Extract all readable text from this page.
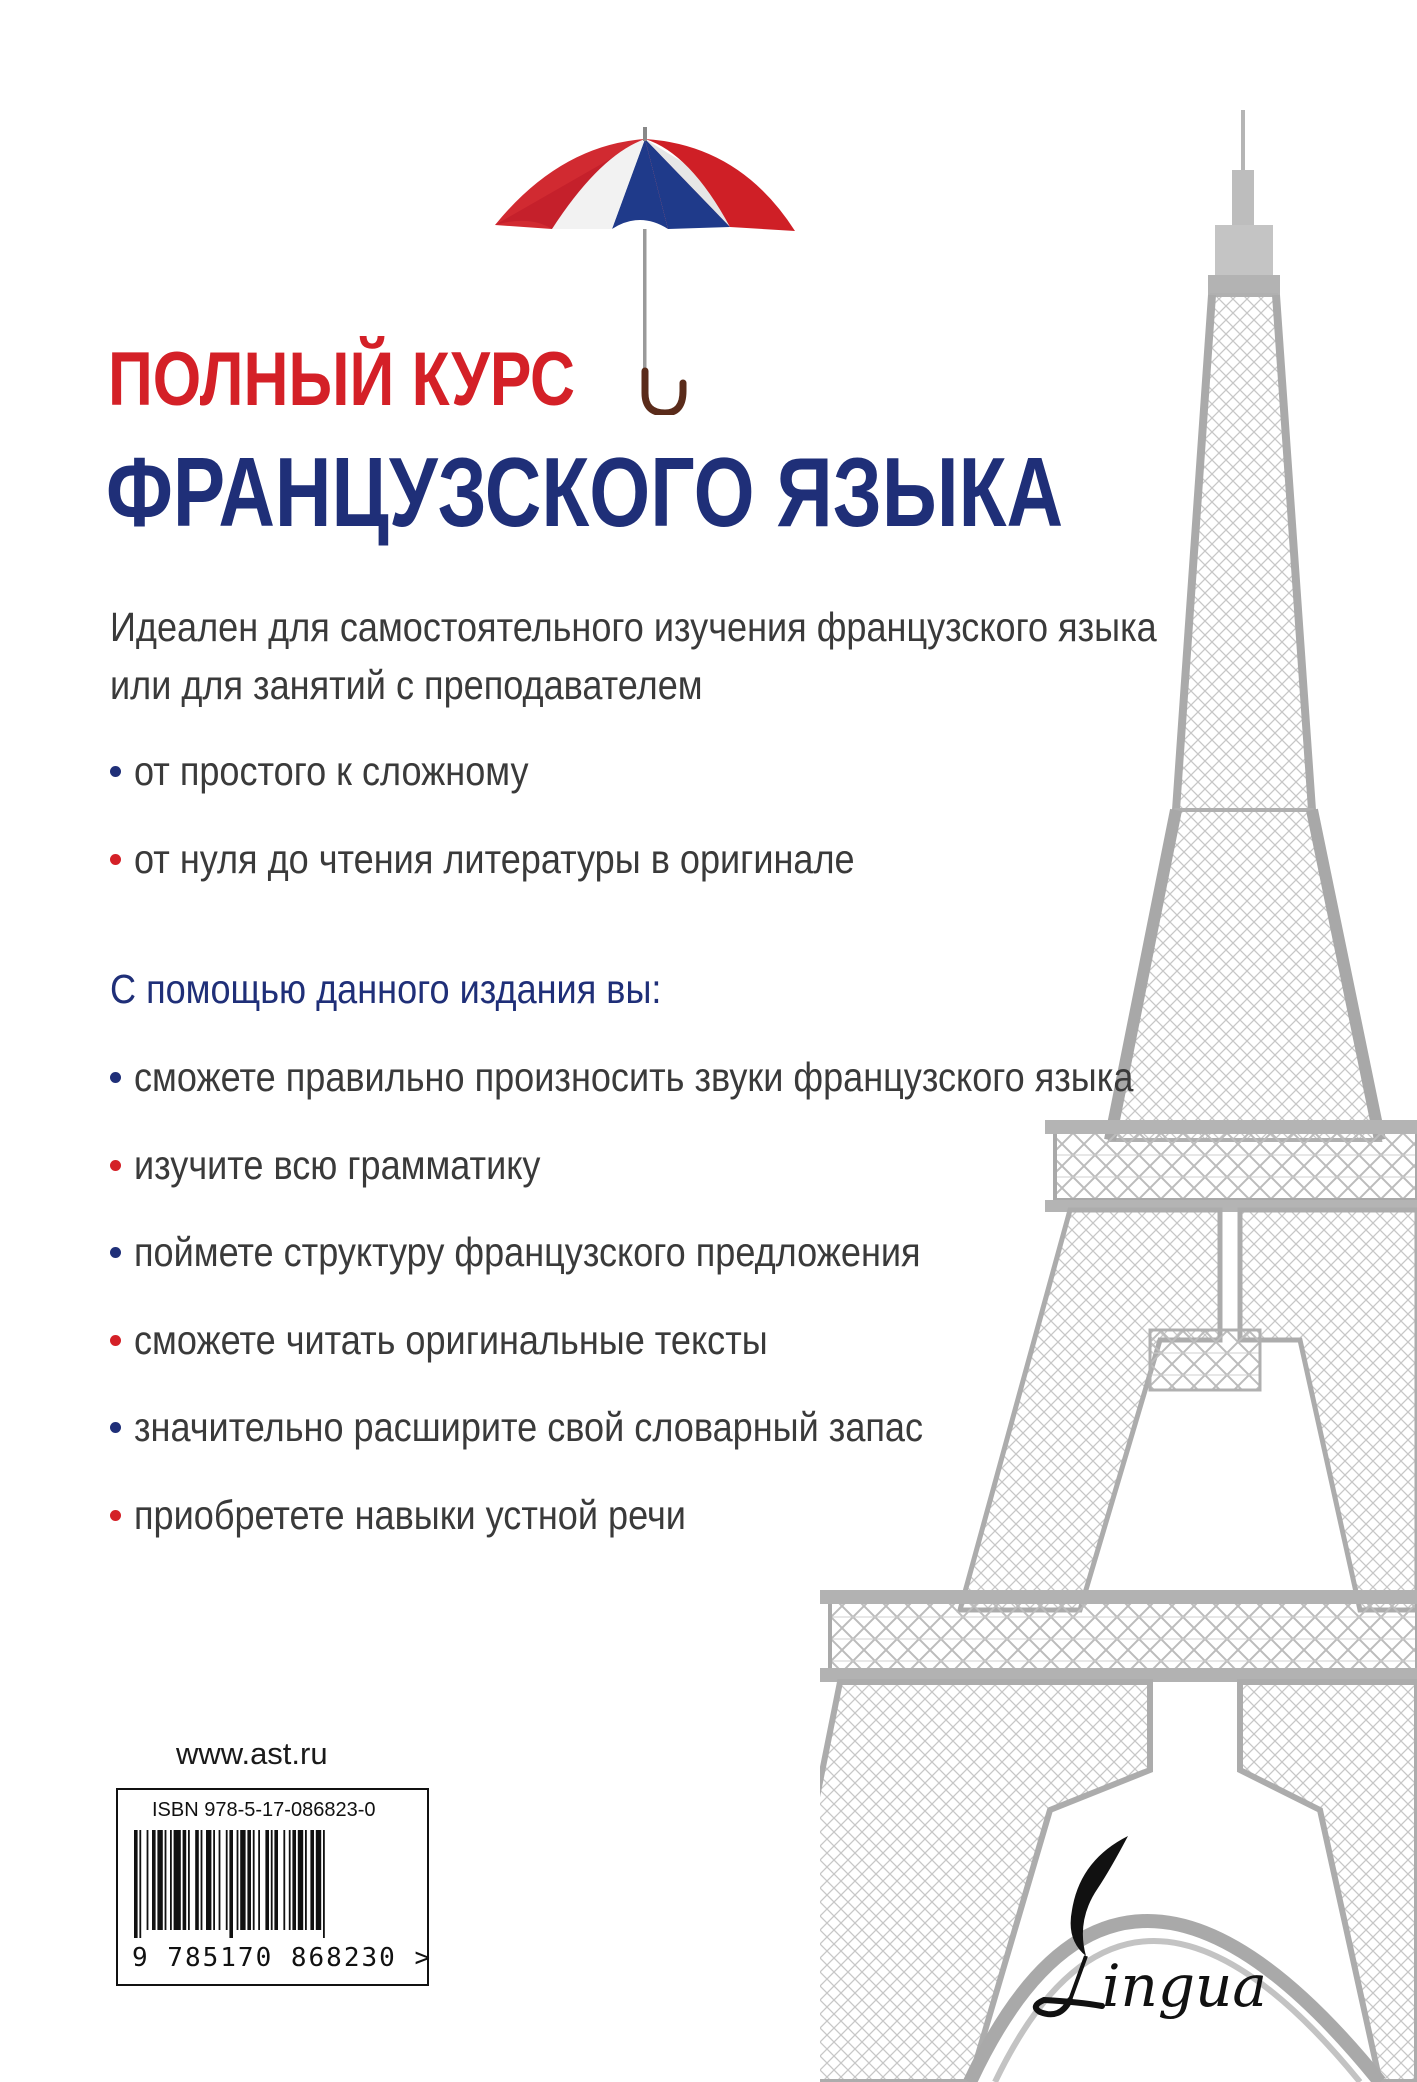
ПОЛНЫЙ КУРС
ФРАНЦУЗСКОГО ЯЗЫКА
Идеален для самостоятельного изучения французского языка
или для занятий с преподавателем
от простого к сложному
от нуля до чтения литературы в оригинале
С помощью данного издания вы:
сможете правильно произносить звуки французского языка
изучите всю грамматику
поймете структуру французского предложения
сможете читать оригинальные тексты
значительно расширите свой словарный запас
приобретете навыки устной речи
www.ast.ru
ISBN 978-5-17-086823-0
9 785170 868230 >	ingua
